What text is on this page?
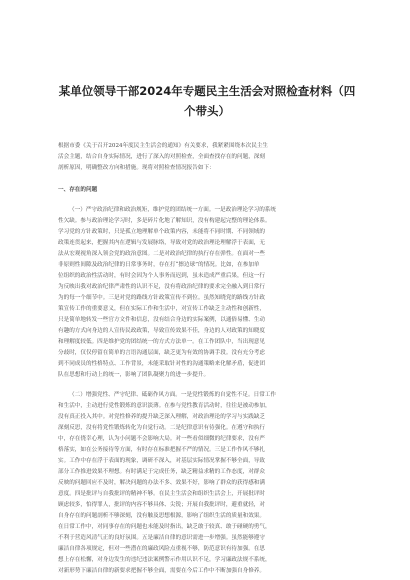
某单位领导干部2024年专题民主生活会对照检查材料（四个带头）

根据市委《关于召开2024年度民主生活会的通知》有关要求，我紧紧围绕本次民主生

活会主题，结合自身实际情况，进行了深入的对照检查，全面查找存在的问题，深刻

剖析原因，明确整改方向和措施。现将对照检查情况报告如下：

一、存在的问题

（一）严守政治纪律和政治规矩，维护党的团结统一方面。一是政治理论学习的系统

性欠缺。参与政治理论学习时，多是碎片化地了解知识，没有构建起完整的理论体系。

学习党的方针政策时，只是孤立地理解单个政策内容，未能将不同时期、不同领域的

政策连贯起来，把握其内在逻辑与发展脉络，导致对党的政治理论理解浮于表面，无

法从宏观视角深入领会党的政治意图。二是对政治纪律的执行存在弹性。在面对一些

非原则性间隙及政治纪律的日常事务时，存在打“擦边球”的情况。比如，在参加单

位组织的政治性活动时，有时会因为个人事务而迟到，虽未造成严重后果，但这一行

为反映出我对政治纪律严肃性的认识不足，没有将政治纪律的要求完全融入到日常行

为的每一个细节中。三是对党的路线方针政策宣传不到位。虽然知晓党的路线方针政

策宣传工作的重要意义，但在实际工作和生活中，对宣传工作缺乏主动性和创新性，

只是简单地转发一些官方文件和信息，没有结合身边的实际案例，以通俗易懂、生动

有趣的方式向身边的人宣传民政政策，导致宣传效果不佳，身边的人对政策的知晓度

和理解度较低。四是维护党的团结统一的方式方法单一。在工作团队中，当出现意见

分歧时，仅仅停留在简单的言语沟通层面，缺乏更为有效的协调手段。没有充分考虑

到不同成员的性格特点、工作背景，未能采取针对性的沟通策略来化解矛盾，促进团

队在思想和行动上的统一，影响了团队凝聚力的进一步提升。

（二）增强党性、严守纪律、砥砺作风方面。一是党性锻炼的自觉性不足。日常工作

和生活中，主动进行党性锻炼的意识淡薄。在参与党性教育活动时，往往是被动参加，

没有真正投入其中。对党性修养的提升缺乏深入理解，对政治理论的学习与实践缺乏

深刻反思，没有将党性锻炼转化为自觉行动。二是纪律意识有待强化。在遵守和执行

中，存在侥幸心理，认为小问题不会影响大局。对一些看似细微的纪律要求，没有严

格落实，如在公务接待等方面，有时存在标准把握不严的情况。三是工作作风不够扎

实。工作中存在浮于表面的现象，调研不深入，对基层实际情况掌握不够全面，导致

部分工作推进效果不理想。有时满足于完成任务，缺乏精益求精的工作态度，对群众

反映的问题回应不及时，解决问题的办法不多、效果不好，影响了群众的获得感和满

意度。四是批评与自我批评的精神不够。在民主生活会和组织生活会上，开展批评时

顾虑较多，怕得罪人，批评的内容不够具体、尖锐；开展自我批评时，避重就轻，对

自身存在的问题剖析不够深刻，没有触及思想根源，影响了组织生活的质量和效果。

在日常工作中，对同事存在的问题也未能及时指出，缺乏敢于较真、敢于碰硬的勇气，

不利于营造风清气正的良好氛围。五是廉洁自律的意识需进一步增强。虽然能够遵守

廉洁自律各项规定，但对一些潜在的廉政风险点重视不够，防范意识有待加强。在思

想上存在松懈，对身边发生的违纪违法案例警示作用认识不足，学习廉政法规不系统，

对新形势下廉洁自律的新要求把握不够全面，需要在今后工作中不断加强自身修养。
